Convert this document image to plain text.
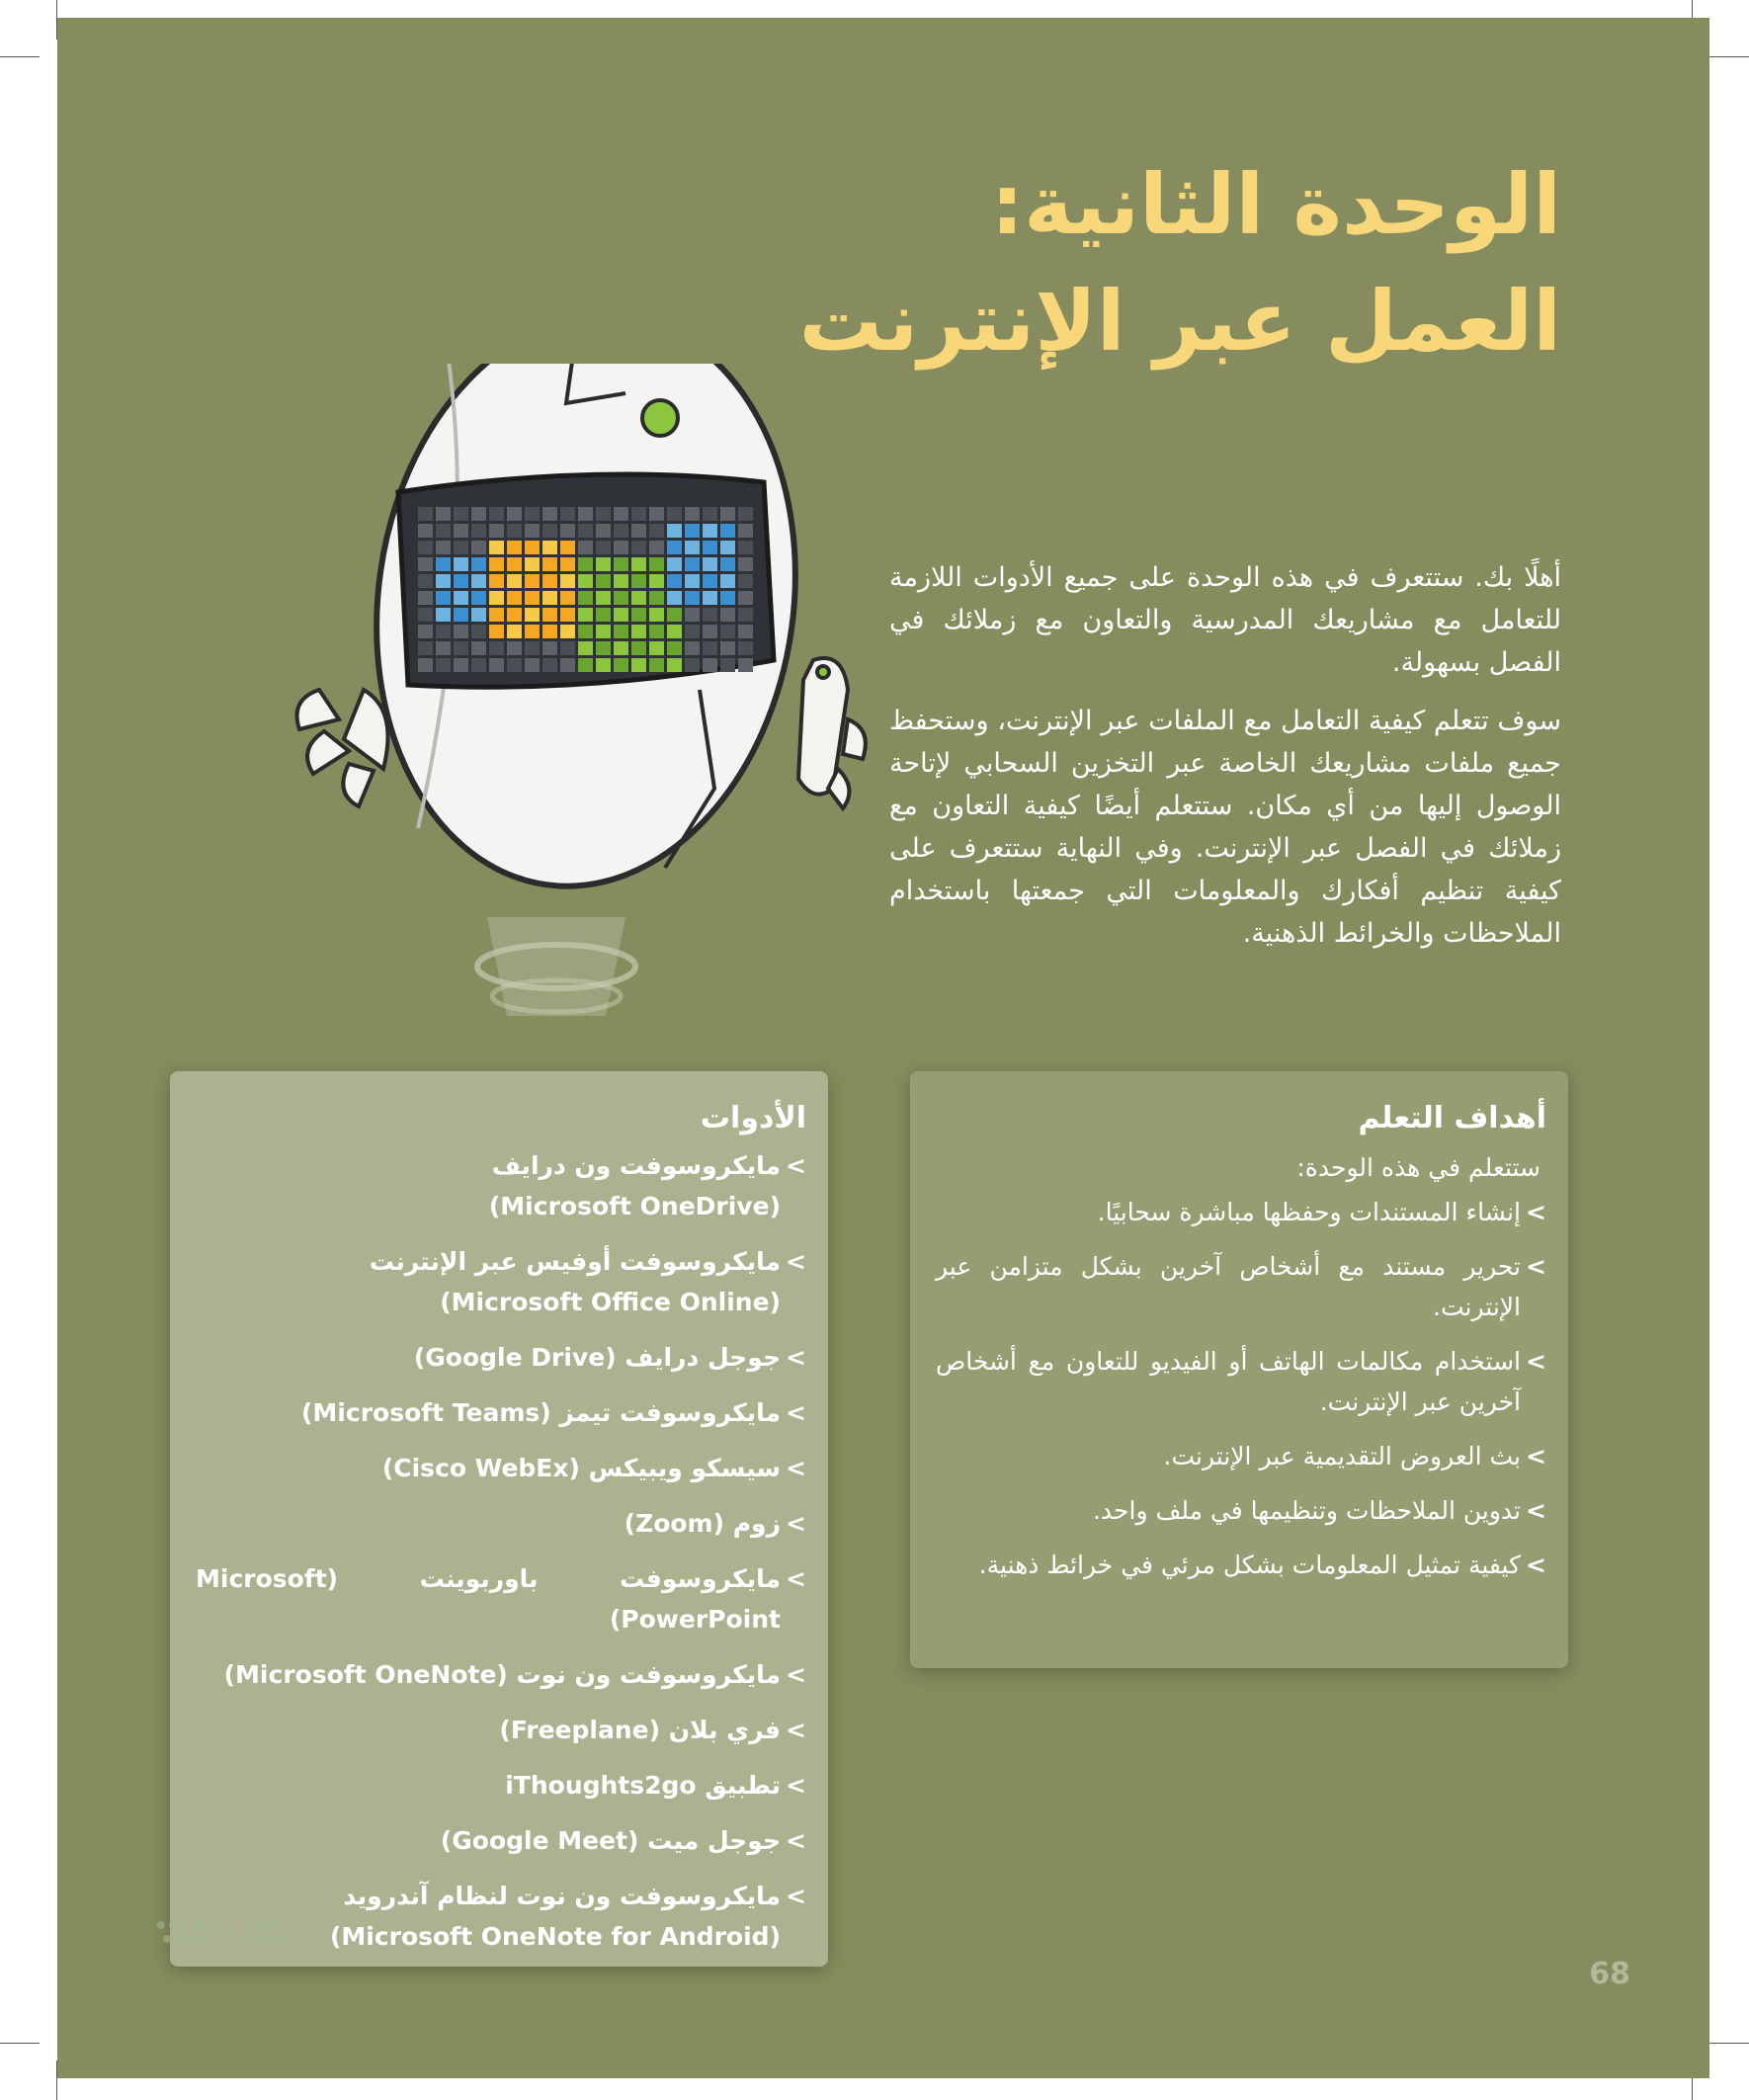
الوحدة الثانية:
العمل عبر الإنترنت

أهلًا بك. ستتعرف في هذه الوحدة على جميع الأدوات اللازمة للتعامل مع مشاريعك المدرسية والتعاون مع زملائك في الفصل بسهولة.

سوف تتعلم كيفية التعامل مع الملفات عبر الإنترنت، وستحفظ جميع ملفات مشاريعك الخاصة عبر التخزين السحابي لإتاحة الوصول إليها من أي مكان. ستتعلم أيضًا كيفية التعاون مع زملائك في الفصل عبر الإنترنت. وفي النهاية ستتعرف على كيفية تنظيم أفكارك والمعلومات التي جمعتها باستخدام الملاحظات والخرائط الذهنية.

أهداف التعلم
ستتعلم في هذه الوحدة:
> إنشاء المستندات وحفظها مباشرة سحابيًا.
> تحرير مستند مع أشخاص آخرين بشكل متزامن عبر الإنترنت.
> استخدام مكالمات الهاتف أو الفيديو للتعاون مع أشخاص آخرين عبر الإنترنت.
> بث العروض التقديمية عبر الإنترنت.
> تدوين الملاحظات وتنظيمها في ملف واحد.
> كيفية تمثيل المعلومات بشكل مرئي في خرائط ذهنية.
الأدوات
> مايكروسوفت ون درايف
(Microsoft OneDrive)
> مايكروسوفت أوفيس عبر الإنترنت
(Microsoft Office Online)
> جوجل درايف (Google Drive)
> مايكروسوفت تيمز (Microsoft Teams)
> سيسكو ويبيكس (Cisco WebEx)
> زوم (Zoom)
> مايكروسوفت باوربوينت (Microsoft PowerPoint)
> مايكروسوفت ون نوت (Microsoft OneNote)
> فري بلان (Freeplane)
> تطبيق iThoughts2go
> جوجل ميت (Google Meet)
> مايكروسوفت ون نوت لنظام آندرويد
(Microsoft OneNote for Android)
68
